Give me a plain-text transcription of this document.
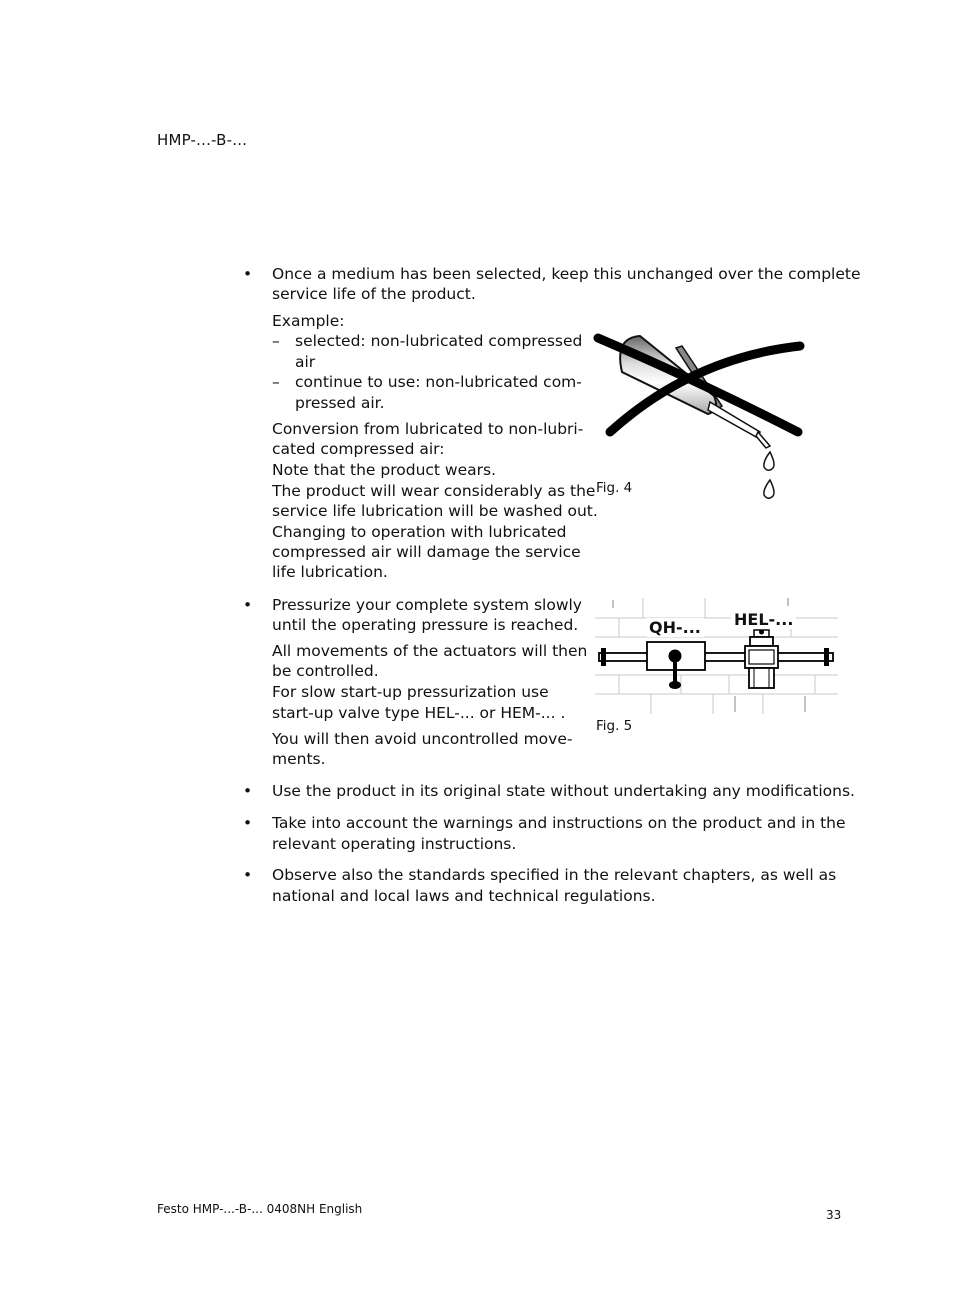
HMP-...-B-...
• Once a medium has been selected, keep this unchanged over the complete
service life of the product.
Example:
– selected: non-lubricated compressed
air
– continue to use: non-lubricated com-
pressed air.
Conversion from lubricated to non-lubri-
cated compressed air:
Note that the product wears.
The product will wear considerably as the
service life lubrication will be washed out.
Changing to operation with lubricated
compressed air will damage the service
life lubrication.
Fig. 4
• Pressurize your complete system slowly
until the operating pressure is reached.
All movements of the actuators will then
be controlled.
For slow start-up pressurization use
start-up valve type HEL-... or HEM-... .
You will then avoid uncontrolled move-
ments.
QH-... HEL-...
Fig. 5
• Use the product in its original state without undertaking any modifications.
• Take into account the warnings and instructions on the product and in the
relevant operating instructions.
• Observe also the standards specified in the relevant chapters, as well as
national and local laws and technical regulations.
Festo HMP-...-B-... 0408NH English	33
